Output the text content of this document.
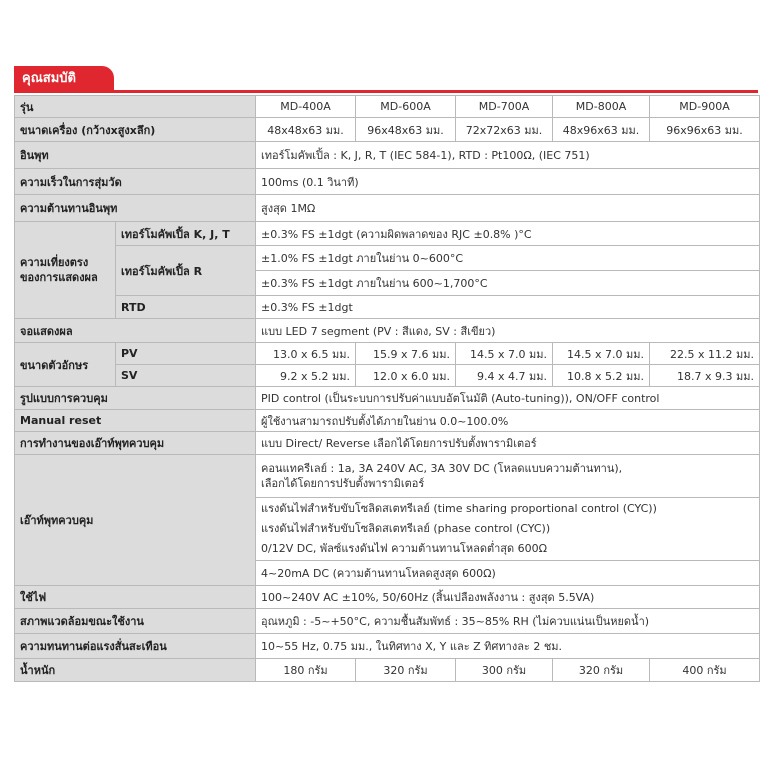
คุณสมบัติ
รุ่น		MD-400A	MD-600A	MD-700A	MD-800A	MD-900A
ขนาดเครื่อง (กว้างxสูงxลึก)		48x48x63 มม.	96x48x63 มม.	72x72x63 มม.	48x96x63 มม.	96x96x63 มม.
อินพุท		เทอร์โมคัพเปิ้ล : K, J, R, T (IEC 584-1), RTD : Pt100Ω, (IEC 751)				
ความเร็วในการสุ่มวัด		100ms (0.1 วินาที)				
ความต้านทานอินพุท		สูงสุด 1MΩ				

ความเที่ยงตรง
ของการแสดงผล	เทอร์โมคัพเปิ้ล K, J, T	±0.3% FS ±1dgt (ความผิดพลาดของ RJC ±0.8% )°C				
	เทอร์โมคัพเปิ้ล R	±1.0% FS ±1dgt ภายในย่าน 0~600°C				
		±0.3% FS ±1dgt ภายในย่าน 600~1,700°C				
	RTD	±0.3% FS ±1dgt				
จอแสดงผล		แบบ LED 7 segment (PV : สีแดง, SV : สีเขียว)				
ขนาดตัวอักษร	PV	13.0 x 6.5 มม.	15.9 x 7.6 มม.	14.5 x 7.0 มม.	14.5 x 7.0 มม.	22.5 x 11.2 มม.
	SV	9.2 x 5.2 มม.	12.0 x 6.0 มม.	9.4 x 4.7 มม.	10.8 x 5.2 มม.	18.7 x 9.3 มม.
รูปแบบการควบคุม		PID control (เป็นระบบการปรับค่าแบบอัตโนมัติ (Auto-tuning)), ON/OFF control				
Manual reset		ผู้ใช้งานสามารถปรับตั้งได้ภายในย่าน 0.0~100.0%				
การทำงานของเอ๊าท์พุทควบคุม		แบบ Direct/ Reverse เลือกได้โดยการปรับตั้งพารามิเตอร์				
เอ๊าท์พุทควบคุม		คอนแทครีเลย์ : 1a, 3A 240V AC, 3A 30V DC (โหลดแบบความต้านทาน),
เลือกได้โดยการปรับตั้งพารามิเตอร์				

		แรงดันไฟสำหรับขับโซลิดสเตทรีเลย์ (time sharing proportional control (CYC))
แรงดันไฟสำหรับขับโซลิดสเตทรีเลย์ (phase control (CYC))
0/12V DC, พัลซ์แรงดันไฟ ความต้านทานโหลดต่ำสุด 600Ω				

		4~20mA DC (ความต้านทานโหลดสูงสุด 600Ω)				
ใช้ไฟ		100~240V AC ±10%, 50/60Hz (สิ้นเปลืองพลังงาน : สูงสุด 5.5VA)				
สภาพแวดล้อมขณะใช้งาน		อุณหภูมิ : -5~+50°C, ความชื้นสัมพัทธ์ : 35~85% RH (ไม่ควบแน่นเป็นหยดน้ำ)				
ความทนทานต่อแรงสั่นสะเทือน		10~55 Hz, 0.75 มม., ในทิศทาง X, Y และ Z ทิศทางละ 2 ชม.				
น้ำหนัก		180 กรัม	320 กรัม	300 กรัม	320 กรัม	400 กรัม
